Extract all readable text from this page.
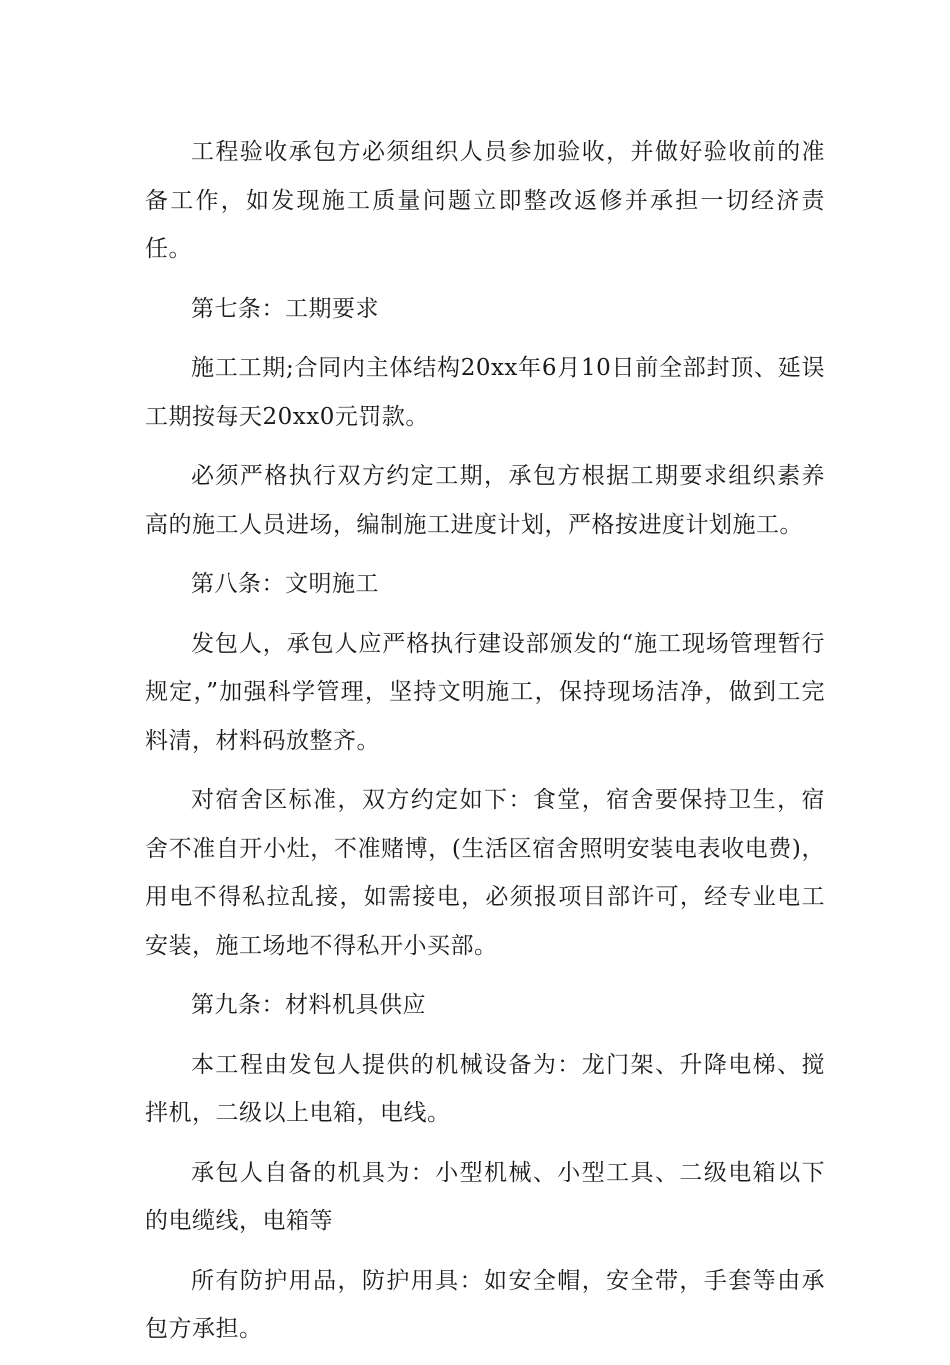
工程验收承包方必须组织人员参加验收，并做好验收前的准备工作，如发现施工质量问题立即整改返修并承担一切经济责任。

第七条：工期要求

施工工期;合同内主体结构20xx年6月10日前全部封顶、延误工期按每天20xx0元罚款。

必须严格执行双方约定工期，承包方根据工期要求组织素养高的施工人员进场，编制施工进度计划，严格按进度计划施工。

第八条：文明施工

发包人，承包人应严格执行建设部颁发的“施工现场管理暂行规定，”加强科学管理，坚持文明施工，保持现场洁净，做到工完料清，材料码放整齐。

对宿舍区标准，双方约定如下：食堂，宿舍要保持卫生，宿舍不准自开小灶，不准赌博，(生活区宿舍照明安装电表收电费)，用电不得私拉乱接，如需接电，必须报项目部许可，经专业电工安装，施工场地不得私开小买部。

第九条：材料机具供应

本工程由发包人提供的机械设备为：龙门架、升降电梯、搅拌机，二级以上电箱，电线。

承包人自备的机具为：小型机械、小型工具、二级电箱以下的电缆线，电箱等

所有防护用品，防护用具：如安全帽，安全带，手套等由承包方承担。
